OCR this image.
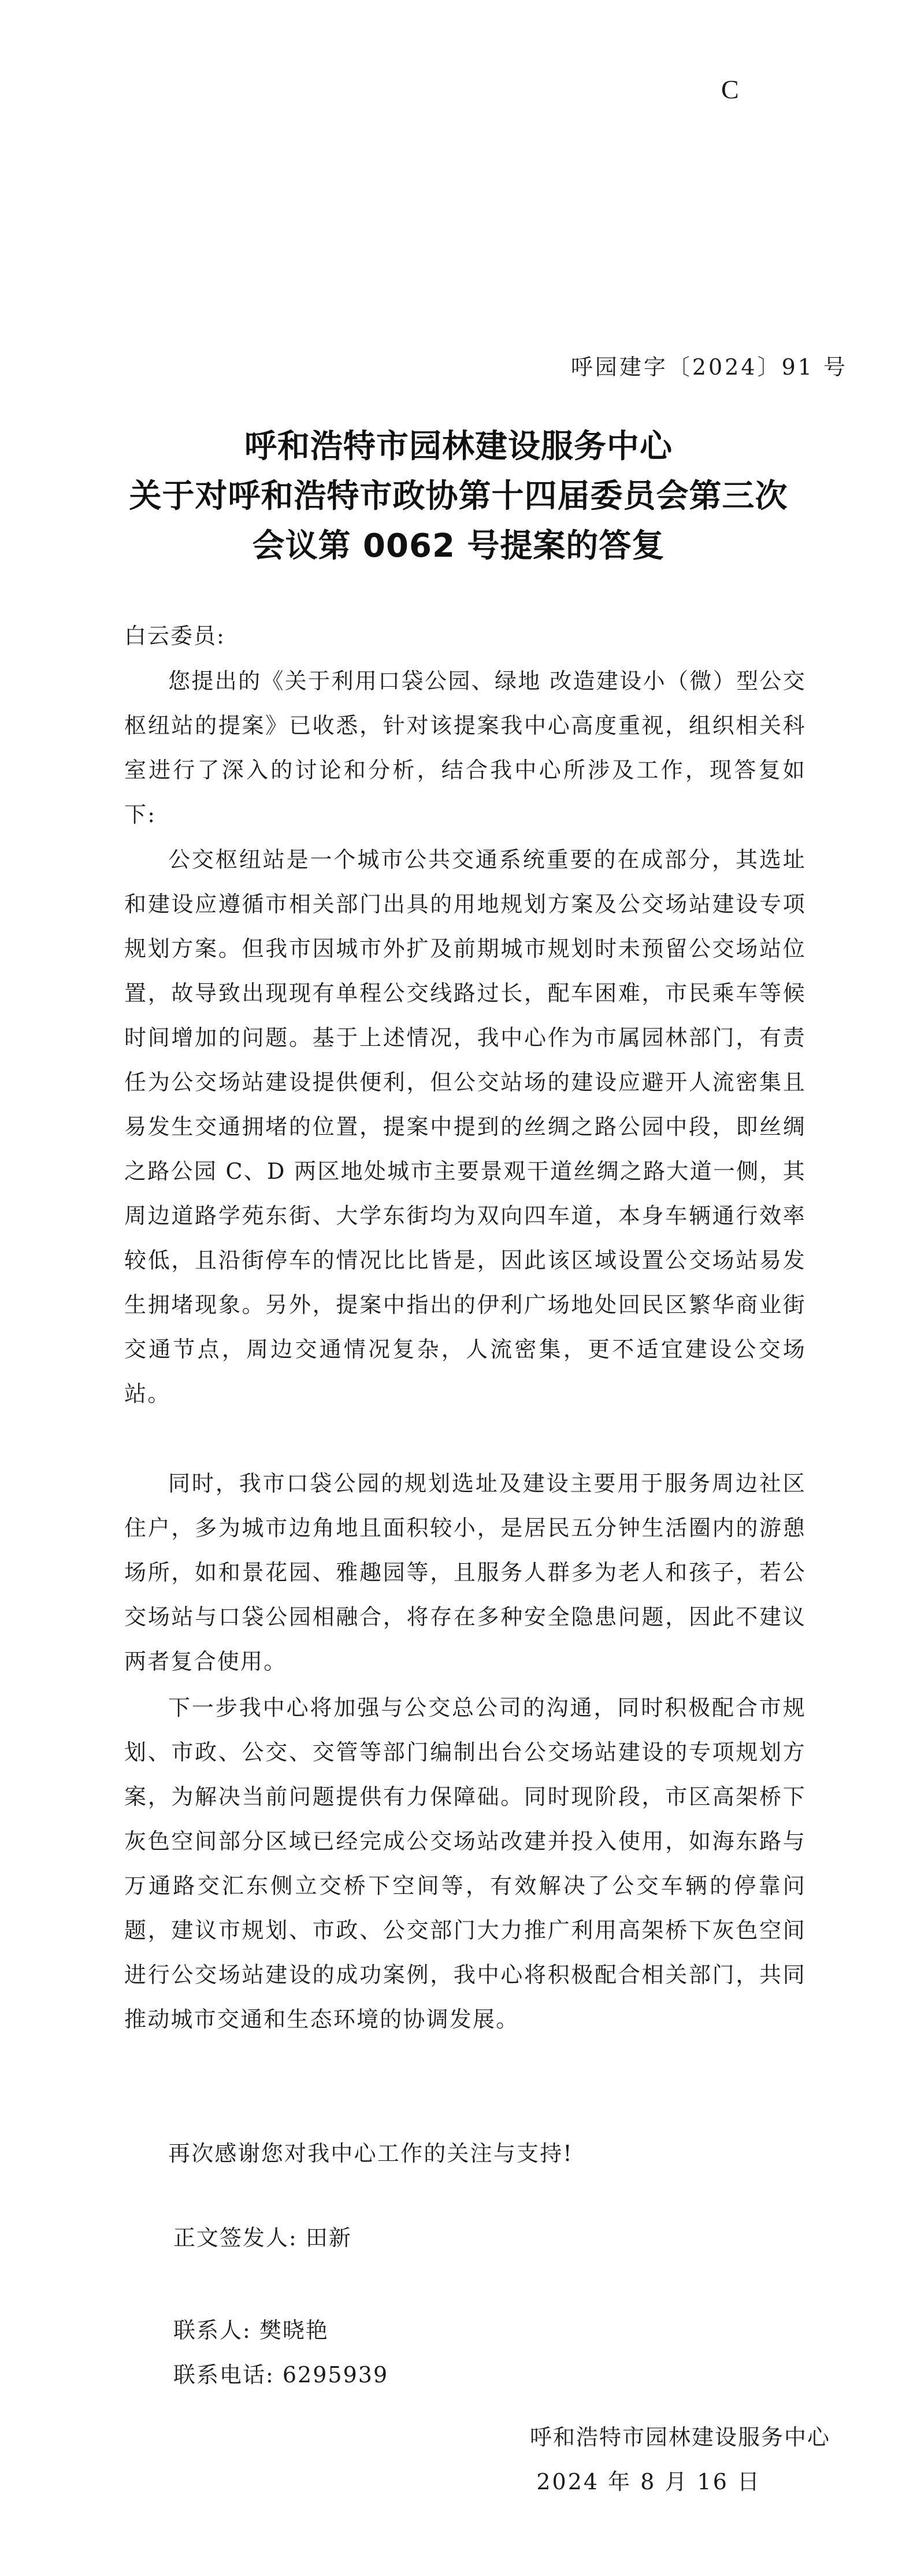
C
呼园建字〔2024〕91 号
呼和浩特市园林建设服务中心
关于对呼和浩特市政协第十四届委员会第三次
会议第 0062 号提案的答复
白云委员:
您提出的《关于利用口袋公园、绿地 改造建设小（微）型公交枢纽站的提案》已收悉，针对该提案我中心高度重视，组织相关科室进行了深入的讨论和分析，结合我中心所涉及工作，现答复如下:
公交枢纽站是一个城市公共交通系统重要的在成部分，其选址和建设应遵循市相关部门出具的用地规划方案及公交场站建设专项规划方案。但我市因城市外扩及前期城市规划时未预留公交场站位置，故导致出现现有单程公交线路过长，配车困难，市民乘车等候时间增加的问题。基于上述情况，我中心作为市属园林部门，有责任为公交场站建设提供便利，但公交站场的建设应避开人流密集且易发生交通拥堵的位置，提案中提到的丝绸之路公园中段，即丝绸之路公园 C、D 两区地处城市主要景观干道丝绸之路大道一侧，其周边道路学苑东街、大学东街均为双向四车道，本身车辆通行效率较低，且沿街停车的情况比比皆是，因此该区域设置公交场站易发生拥堵现象。另外，提案中指出的伊利广场地处回民区繁华商业街交通节点，周边交通情况复杂，人流密集，更不适宜建设公交场站。
同时，我市口袋公园的规划选址及建设主要用于服务周边社区住户，多为城市边角地且面积较小，是居民五分钟生活圈内的游憩场所，如和景花园、雅趣园等，且服务人群多为老人和孩子，若公交场站与口袋公园相融合，将存在多种安全隐患问题，因此不建议两者复合使用。
下一步我中心将加强与公交总公司的沟通，同时积极配合市规划、市政、公交、交管等部门编制出台公交场站建设的专项规划方案，为解决当前问题提供有力保障础。同时现阶段，市区高架桥下灰色空间部分区域已经完成公交场站改建并投入使用，如海东路与万通路交汇东侧立交桥下空间等，有效解决了公交车辆的停靠问题，建议市规划、市政、公交部门大力推广利用高架桥下灰色空间进行公交场站建设的成功案例，我中心将积极配合相关部门，共同推动城市交通和生态环境的协调发展。
再次感谢您对我中心工作的关注与支持!
正文签发人: 田新
联系人: 樊晓艳
联系电话: 6295939
呼和浩特市园林建设服务中心
2024 年 8 月 16 日
